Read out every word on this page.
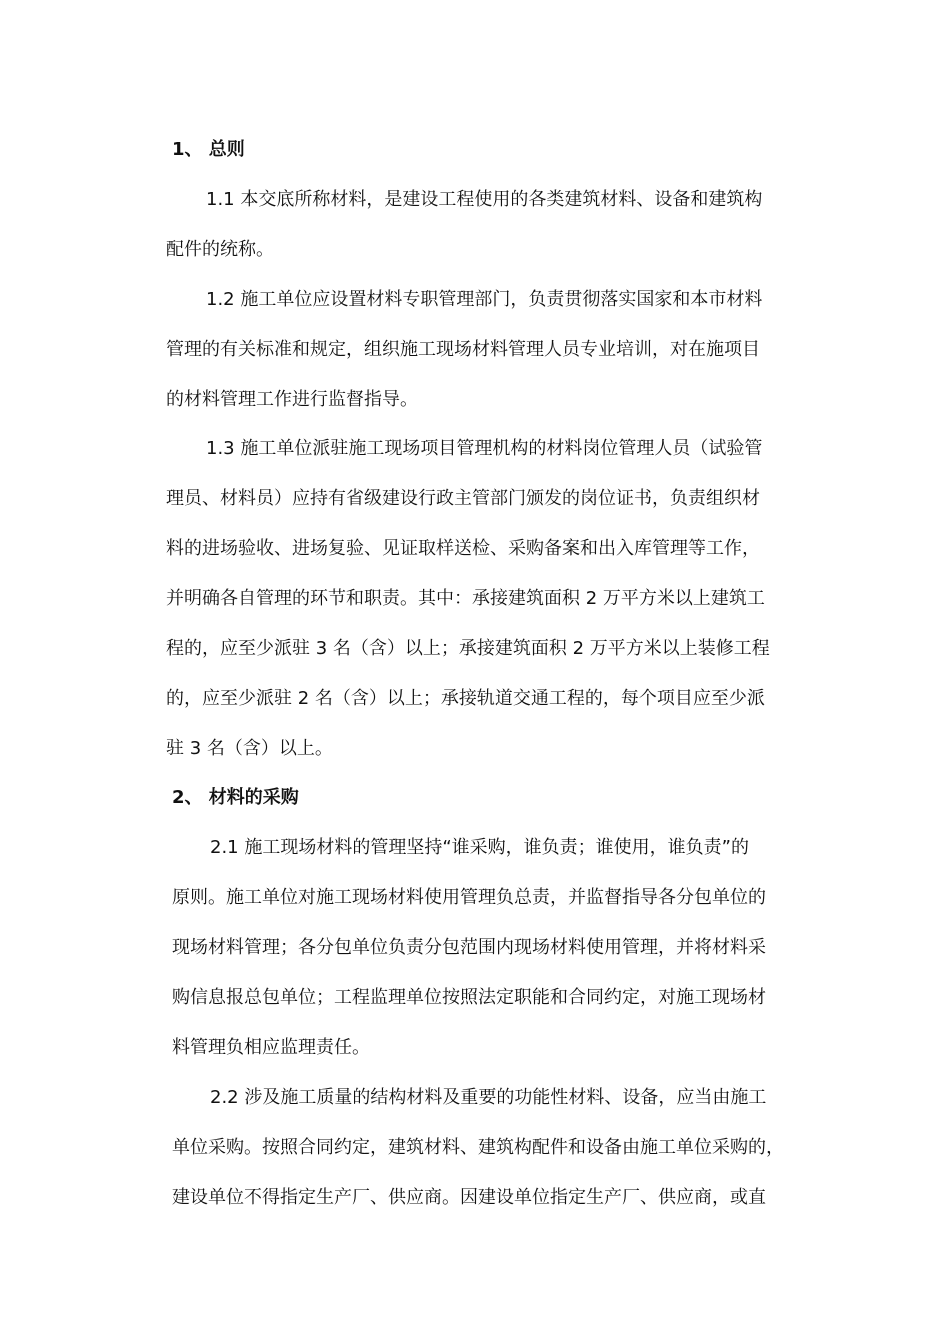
1、 总则
1.1 本交底所称材料，是建设工程使用的各类建筑材料、设备和建筑构
配件的统称。
1.2 施工单位应设置材料专职管理部门，负责贯彻落实国家和本市材料
管理的有关标准和规定，组织施工现场材料管理人员专业培训，对在施项目
的材料管理工作进行监督指导。
1.3 施工单位派驻施工现场项目管理机构的材料岗位管理人员（试验管
理员、材料员）应持有省级建设行政主管部门颁发的岗位证书，负责组织材
料的进场验收、进场复验、见证取样送检、采购备案和出入库管理等工作，
并明确各自管理的环节和职责。其中：承接建筑面积 2 万平方米以上建筑工
程的，应至少派驻 3 名（含）以上；承接建筑面积 2 万平方米以上装修工程
的，应至少派驻 2 名（含）以上；承接轨道交通工程的，每个项目应至少派
驻 3 名（含）以上。
2、 材料的采购
2.1 施工现场材料的管理坚持“谁采购，谁负责；谁使用，谁负责”的
原则。施工单位对施工现场材料使用管理负总责，并监督指导各分包单位的
现场材料管理；各分包单位负责分包范围内现场材料使用管理，并将材料采
购信息报总包单位；工程监理单位按照法定职能和合同约定，对施工现场材
料管理负相应监理责任。
2.2 涉及施工质量的结构材料及重要的功能性材料、设备，应当由施工
单位采购。按照合同约定，建筑材料、建筑构配件和设备由施工单位采购的，
建设单位不得指定生产厂、供应商。因建设单位指定生产厂、供应商，或直
